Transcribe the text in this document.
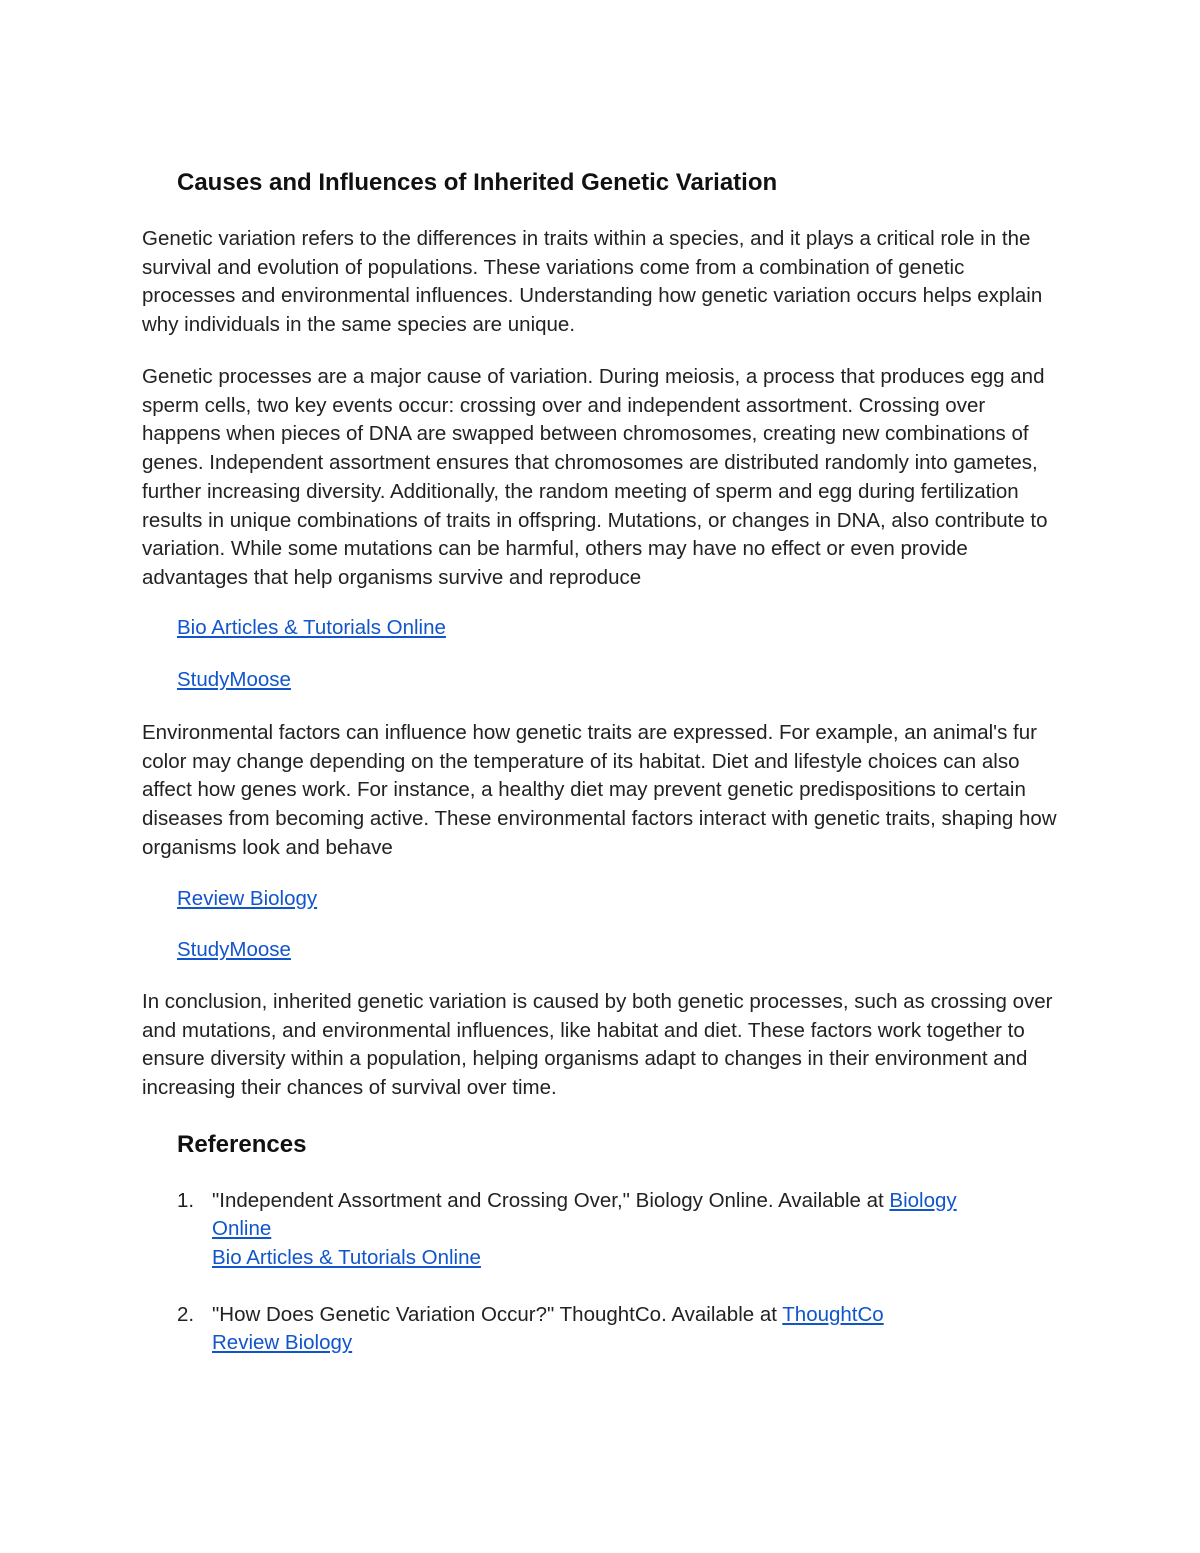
Causes and Influences of Inherited Genetic Variation

Genetic variation refers to the differences in traits within a species, and it plays a critical role in the survival and evolution of populations. These variations come from a combination of genetic processes and environmental influences. Understanding how genetic variation occurs helps explain why individuals in the same species are unique.

Genetic processes are a major cause of variation. During meiosis, a process that produces egg and sperm cells, two key events occur: crossing over and independent assortment. Crossing over happens when pieces of DNA are swapped between chromosomes, creating new combinations of genes. Independent assortment ensures that chromosomes are distributed randomly into gametes, further increasing diversity. Additionally, the random meeting of sperm and egg during fertilization results in unique combinations of traits in offspring. Mutations, or changes in DNA, also contribute to variation. While some mutations can be harmful, others may have no effect or even provide advantages that help organisms survive and reproduce

Bio Articles & Tutorials Online
StudyMoose

Environmental factors can influence how genetic traits are expressed. For example, an animal's fur color may change depending on the temperature of its habitat. Diet and lifestyle choices can also affect how genes work. For instance, a healthy diet may prevent genetic predispositions to certain diseases from becoming active. These environmental factors interact with genetic traits, shaping how organisms look and behave

Review Biology
StudyMoose

In conclusion, inherited genetic variation is caused by both genetic processes, such as crossing over and mutations, and environmental influences, like habitat and diet. These factors work together to ensure diversity within a population, helping organisms adapt to changes in their environment and increasing their chances of survival over time.

References
1. "Independent Assortment and Crossing Over," Biology Online. Available at Biology
Online
Bio Articles & Tutorials Online
2. "How Does Genetic Variation Occur?" ThoughtCo. Available at ThoughtCo
Review Biology
